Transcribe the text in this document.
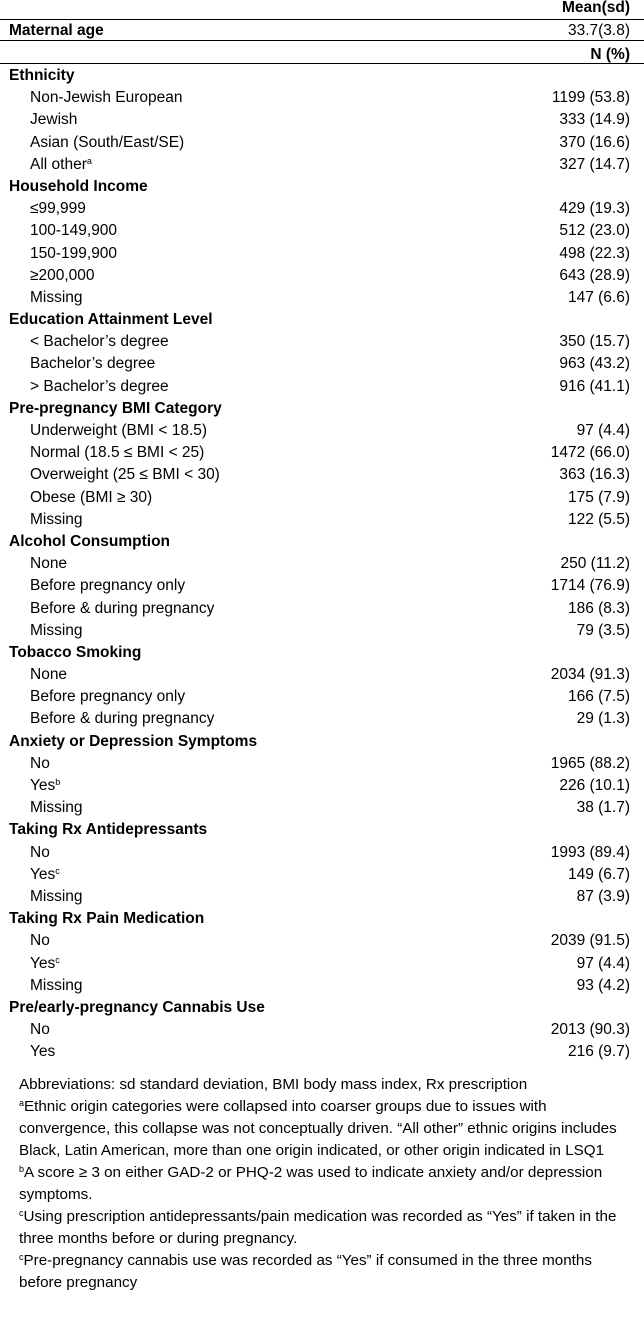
Mean(sd)
Maternal age	33.7(3.8)
N (%)
Ethnicity
Non-Jewish European	1199 (53.8)
Jewish	333 (14.9)
Asian (South/East/SE)	370 (16.6)
All other$^a$	327 (14.7)
Household Income
≤99,999	429 (19.3)
100-149,900	512 (23.0)
150-199,900	498 (22.3)
≥200,000	643 (28.9)
Missing	147 (6.6)
Education Attainment Level
< Bachelor’s degree	350 (15.7)
Bachelor’s degree	963 (43.2)
> Bachelor’s degree	916 (41.1)
Pre-pregnancy BMI Category
Underweight (BMI < 18.5)	97 (4.4)
Normal (18.5 ≤ BMI < 25)	1472 (66.0)
Overweight (25 ≤ BMI < 30)	363 (16.3)
Obese (BMI ≥ 30)	175 (7.9)
Missing	122 (5.5)
Alcohol Consumption
None	250 (11.2)
Before pregnancy only	1714 (76.9)
Before & during pregnancy	186 (8.3)
Missing	79 (3.5)
Tobacco Smoking
None	2034 (91.3)
Before pregnancy only	166 (7.5)
Before & during pregnancy	29 (1.3)
Anxiety or Depression Symptoms
No	1965 (88.2)
Yes$^b$	226 (10.1)
Missing	38 (1.7)
Taking Rx Antidepressants
No	1993 (89.4)
Yes$^c$	149 (6.7)
Missing	87 (3.9)
Taking Rx Pain Medication
No	2039 (91.5)
Yes$^c$	97 (4.4)
Missing	93 (4.2)
Pre/early-pregnancy Cannabis Use
No	2013 (90.3)
Yes	216 (9.7)

Abbreviations: sd standard deviation, BMI body mass index, Rx prescription

$^a$Ethnic origin categories were collapsed into coarser groups due to issues with convergence, this collapse was not conceptually driven. “All other” ethnic origins includes Black, Latin American, more than one origin indicated, or other origin indicated in LSQ1

$^b$A score ≥ 3 on either GAD-2 or PHQ-2 was used to indicate anxiety and/or depression symptoms.

$^c$Using prescription antidepressants/pain medication was recorded as “Yes” if taken in the three months before or during pregnancy.

$^c$Pre-pregnancy cannabis use was recorded as “Yes” if consumed in the three months before pregnancy
